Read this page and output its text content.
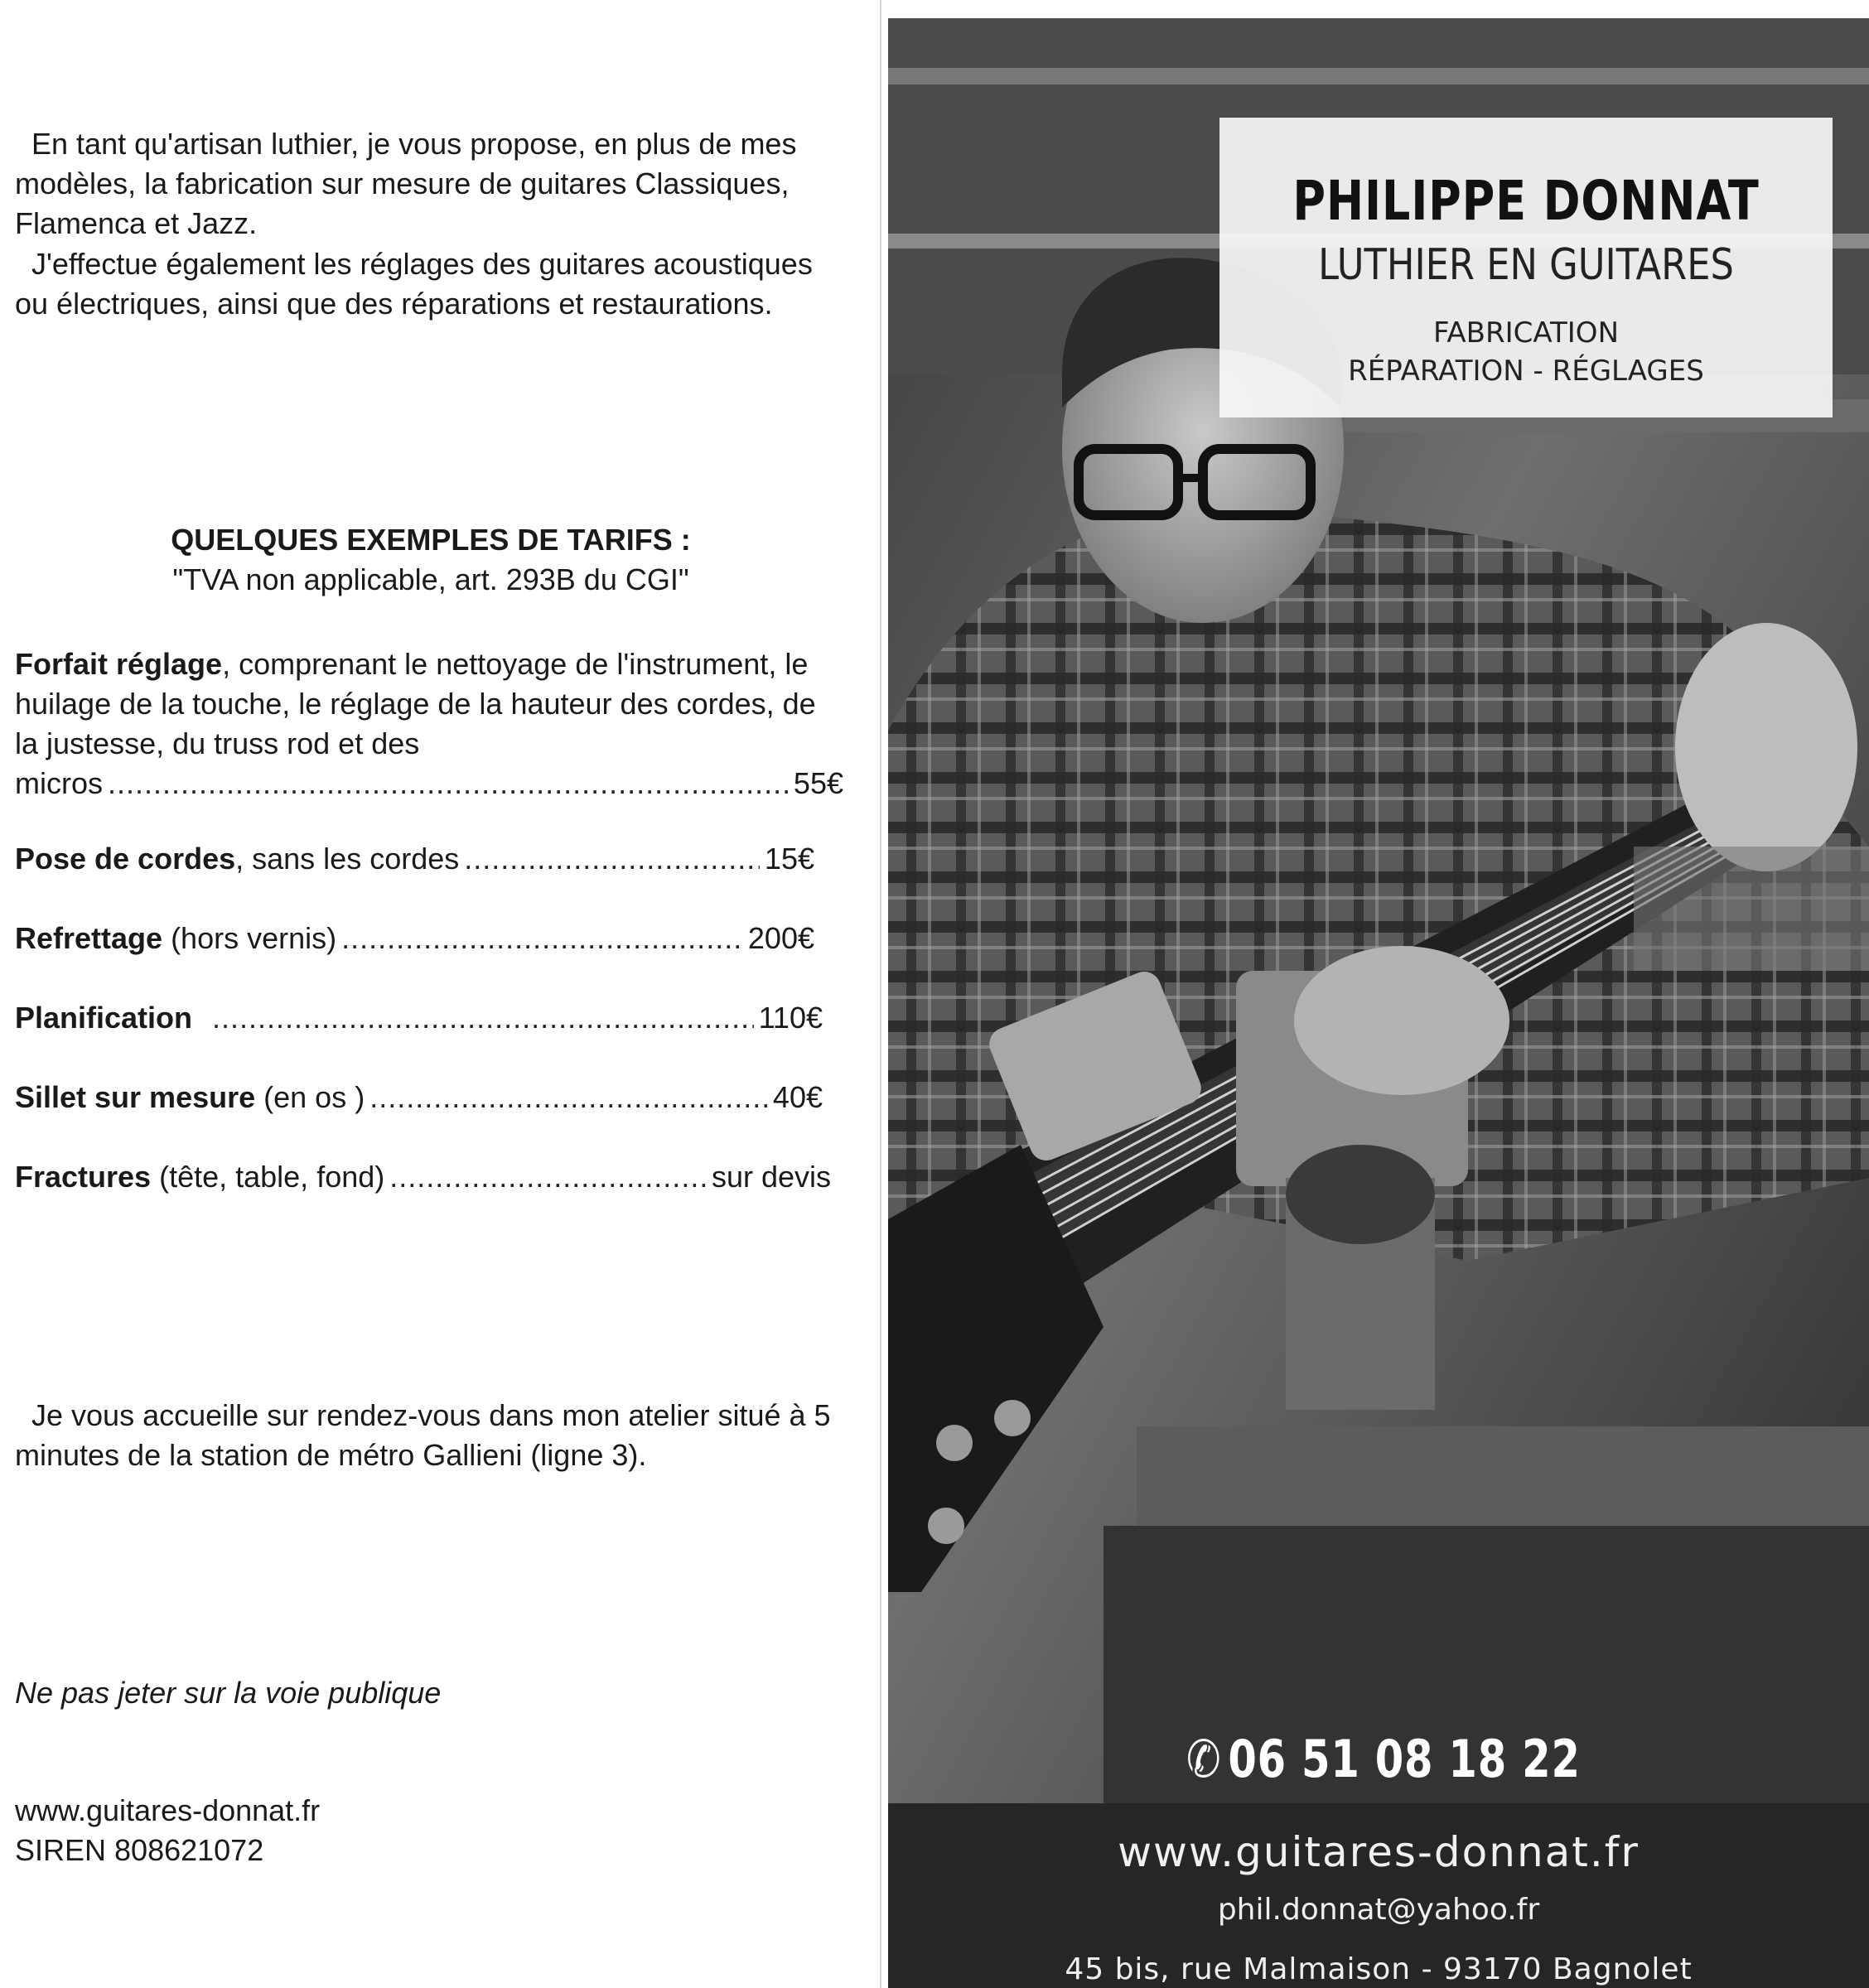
En tant qu'artisan luthier, je vous propose, en plus de mes modèles, la fabrication sur mesure de guitares Classiques, Flamenca et Jazz.

J'effectue également les réglages des guitares acoustiques ou électriques, ainsi que des réparations et restaurations.

QUELQUES EXEMPLES DE TARIFS :
"TVA non applicable, art. 293B du CGI"
Forfait réglage, comprenant le nettoyage de l'instrument, le huilage de la touche, le réglage de la hauteur des cordes, de la justesse, du truss rod et des
micros .....	55€
Pose de cordes, sans les cordes .....	15€
Refrettage (hors vernis) .....	200€
Planification .....	110€
Sillet sur mesure (en os ) .....	40€
Fractures (tête, table, fond) .....	sur devis

Je vous accueille sur rendez-vous dans mon atelier situé à 5 minutes de la station de métro Gallieni (ligne 3).

Ne pas jeter sur la voie publique

www.guitares-donnat.fr
SIREN 808621072
PHILIPPE DONNAT
LUTHIER EN GUITARES
FABRICATION
RÉPARATION - RÉGLAGES
✆ 06 51 08 18 22
www.guitares-donnat.fr
phil.donnat@yahoo.fr
45 bis, rue Malmaison - 93170 Bagnolet
